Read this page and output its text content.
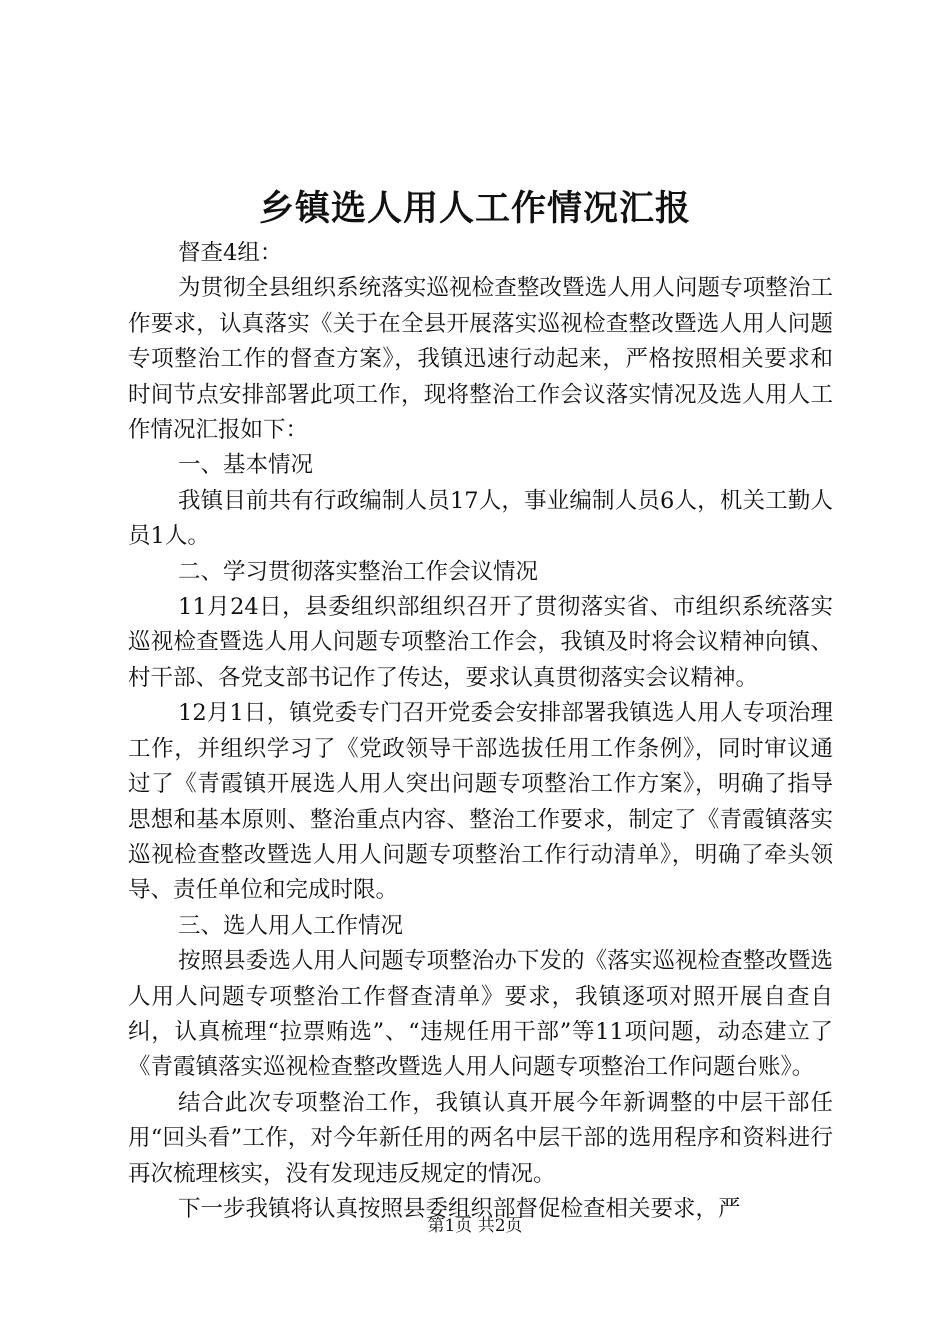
乡镇选人用人工作情况汇报

督查4组：

为贯彻全县组织系统落实巡视检查整改暨选人用人问题专项整治工作要求，认真落实《关于在全县开展落实巡视检查整改暨选人用人问题专项整治工作的督查方案》，我镇迅速行动起来，严格按照相关要求和时间节点安排部署此项工作，现将整治工作会议落实情况及选人用人工作情况汇报如下：

一、基本情况

我镇目前共有行政编制人员17人，事业编制人员6人，机关工勤人员1人。

二、学习贯彻落实整治工作会议情况

11月24日，县委组织部组织召开了贯彻落实省、市组织系统落实巡视检查暨选人用人问题专项整治工作会，我镇及时将会议精神向镇、村干部、各党支部书记作了传达，要求认真贯彻落实会议精神。

12月1日，镇党委专门召开党委会安排部署我镇选人用人专项治理工作，并组织学习了《党政领导干部选拔任用工作条例》，同时审议通过了《青霞镇开展选人用人突出问题专项整治工作方案》，明确了指导思想和基本原则、整治重点内容、整治工作要求，制定了《青霞镇落实巡视检查整改暨选人用人问题专项整治工作行动清单》，明确了牵头领导、责任单位和完成时限。

三、选人用人工作情况

按照县委选人用人问题专项整治办下发的《落实巡视检查整改暨选人用人问题专项整治工作督查清单》要求，我镇逐项对照开展自查自纠，认真梳理“拉票贿选”、“违规任用干部”等11项问题，动态建立了《青霞镇落实巡视检查整改暨选人用人问题专项整治工作问题台账》。

结合此次专项整治工作，我镇认真开展今年新调整的中层干部任用“回头看”工作，对今年新任用的两名中层干部的选用程序和资料进行再次梳理核实，没有发现违反规定的情况。

下一步我镇将认真按照县委组织部督促检查相关要求，严

第1页 共2页
